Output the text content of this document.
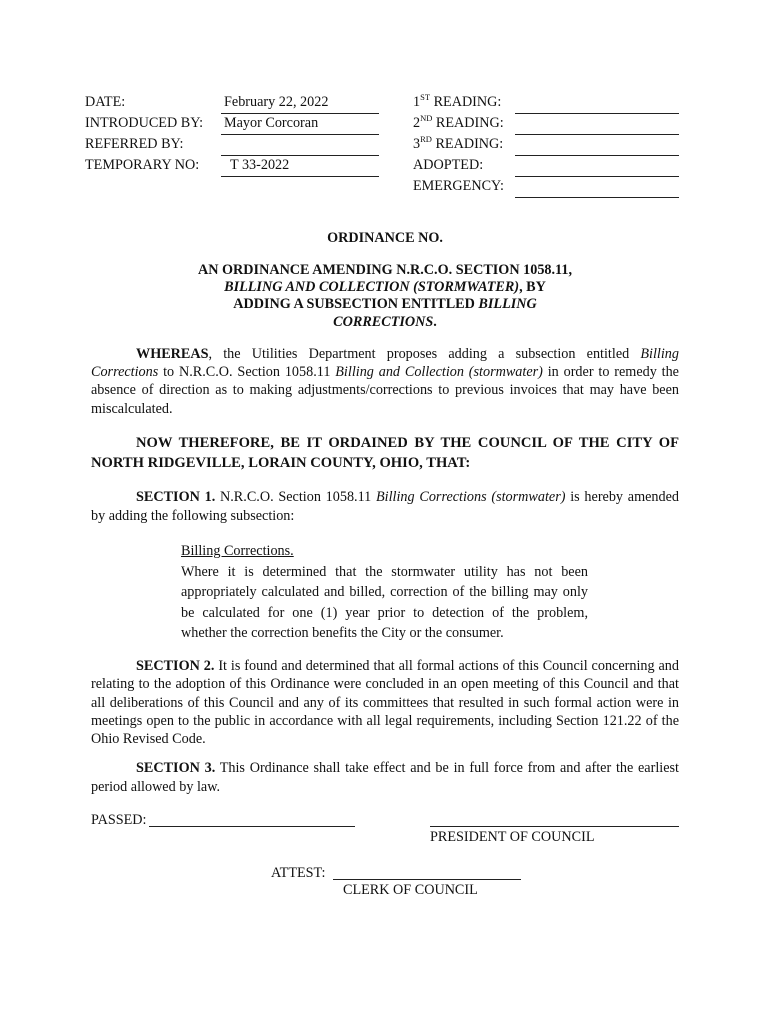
DATE:	February 22, 2022
INTRODUCED BY: Mayor Corcoran
REFERRED BY:
TEMPORARY NO: T 33-2022
1ST READING:
2ND READING:
3RD READING:
ADOPTED:
EMERGENCY:
ORDINANCE NO.
AN ORDINANCE AMENDING N.R.C.O. SECTION 1058.11,
BILLING AND COLLECTION (STORMWATER), BY
ADDING A SUBSECTION ENTITLED BILLING
CORRECTIONS.
WHEREAS, the Utilities Department proposes adding a subsection entitled Billing Corrections to N.R.C.O. Section 1058.11 Billing and Collection (stormwater) in order to remedy the absence of direction as to making adjustments/corrections to previous invoices that may have been miscalculated.
NOW THEREFORE, BE IT ORDAINED BY THE COUNCIL OF THE CITY OF NORTH RIDGEVILLE, LORAIN COUNTY, OHIO, THAT:
SECTION 1. N.R.C.O. Section 1058.11 Billing Corrections (stormwater) is hereby amended by adding the following subsection:
Billing Corrections.
Where it is determined that the stormwater utility has not been appropriately calculated and billed, correction of the billing may only be calculated for one (1) year prior to detection of the problem, whether the correction benefits the City or the consumer.
SECTION 2. It is found and determined that all formal actions of this Council concerning and relating to the adoption of this Ordinance were concluded in an open meeting of this Council and that all deliberations of this Council and any of its committees that resulted in such formal action were in meetings open to the public in accordance with all legal requirements, including Section 121.22 of the Ohio Revised Code.
SECTION 3. This Ordinance shall take effect and be in full force from and after the earliest period allowed by law.
PASSED:
PRESIDENT OF COUNCIL
ATTEST:
CLERK OF COUNCIL
